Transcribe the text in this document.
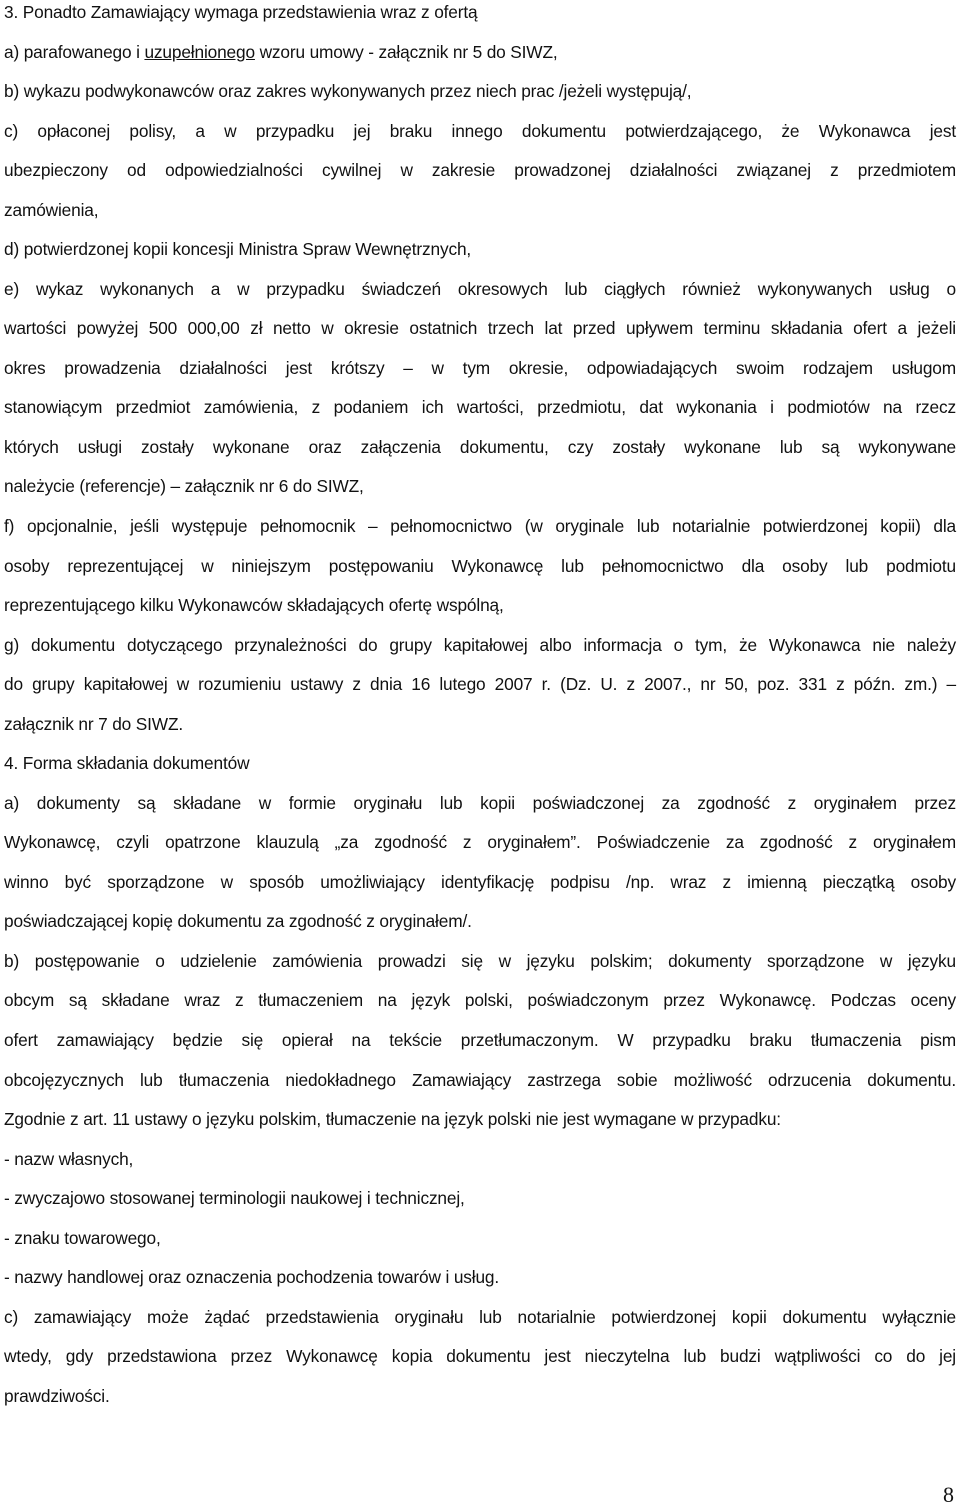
3. Ponadto Zamawiający wymaga przedstawienia wraz z ofertą
a) parafowanego i uzupełnionego wzoru umowy - załącznik nr 5 do SIWZ,
b) wykazu podwykonawców oraz zakres wykonywanych przez niech prac /jeżeli występują/,
c) opłaconej polisy, a w przypadku jej braku innego dokumentu potwierdzającego, że Wykonawca jest
ubezpieczony od odpowiedzialności cywilnej w zakresie prowadzonej działalności związanej z przedmiotem
zamówienia,
d) potwierdzonej kopii koncesji Ministra Spraw Wewnętrznych,
e) wykaz wykonanych a w przypadku świadczeń okresowych lub ciągłych również wykonywanych usług o
wartości powyżej 500 000,00 zł netto w okresie ostatnich trzech lat przed upływem terminu składania ofert a jeżeli
okres prowadzenia działalności jest krótszy – w tym okresie, odpowiadających swoim rodzajem usługom
stanowiącym przedmiot zamówienia, z podaniem ich wartości, przedmiotu, dat wykonania i podmiotów na rzecz
których usługi zostały wykonane oraz załączenia dokumentu, czy zostały wykonane lub są wykonywane
należycie (referencje) – załącznik nr 6 do SIWZ,
f) opcjonalnie, jeśli występuje pełnomocnik – pełnomocnictwo (w oryginale lub notarialnie potwierdzonej kopii) dla
osoby reprezentującej w niniejszym postępowaniu Wykonawcę lub pełnomocnictwo dla osoby lub podmiotu
reprezentującego kilku Wykonawców składających ofertę wspólną,
g) dokumentu dotyczącego przynależności do grupy kapitałowej albo informacja o tym, że Wykonawca nie należy
do grupy kapitałowej w rozumieniu ustawy z dnia 16 lutego 2007 r. (Dz. U. z 2007., nr 50, poz. 331 z późn. zm.) –
załącznik nr 7 do SIWZ.
4. Forma składania dokumentów
a) dokumenty są składane w formie oryginału lub kopii poświadczonej za zgodność z oryginałem przez
Wykonawcę, czyli opatrzone klauzulą „za zgodność z oryginałem”. Poświadczenie za zgodność z oryginałem
winno być sporządzone w sposób umożliwiający identyfikację podpisu /np. wraz z imienną pieczątką osoby
poświadczającej kopię dokumentu za zgodność z oryginałem/.
b) postępowanie o udzielenie zamówienia prowadzi się w języku polskim; dokumenty sporządzone w języku
obcym są składane wraz z tłumaczeniem na język polski, poświadczonym przez Wykonawcę. Podczas oceny
ofert zamawiający będzie się opierał na tekście przetłumaczonym. W przypadku braku tłumaczenia pism
obcojęzycznych lub tłumaczenia niedokładnego Zamawiający zastrzega sobie możliwość odrzucenia dokumentu.
Zgodnie z art. 11 ustawy o języku polskim, tłumaczenie na język polski nie jest wymagane w przypadku:
- nazw własnych,
- zwyczajowo stosowanej terminologii naukowej i technicznej,
- znaku towarowego,
- nazwy handlowej oraz oznaczenia pochodzenia towarów i usług.
c) zamawiający może żądać przedstawienia oryginału lub notarialnie potwierdzonej kopii dokumentu wyłącznie
wtedy, gdy przedstawiona przez Wykonawcę kopia dokumentu jest nieczytelna lub budzi wątpliwości co do jej
prawdziwości.
8
